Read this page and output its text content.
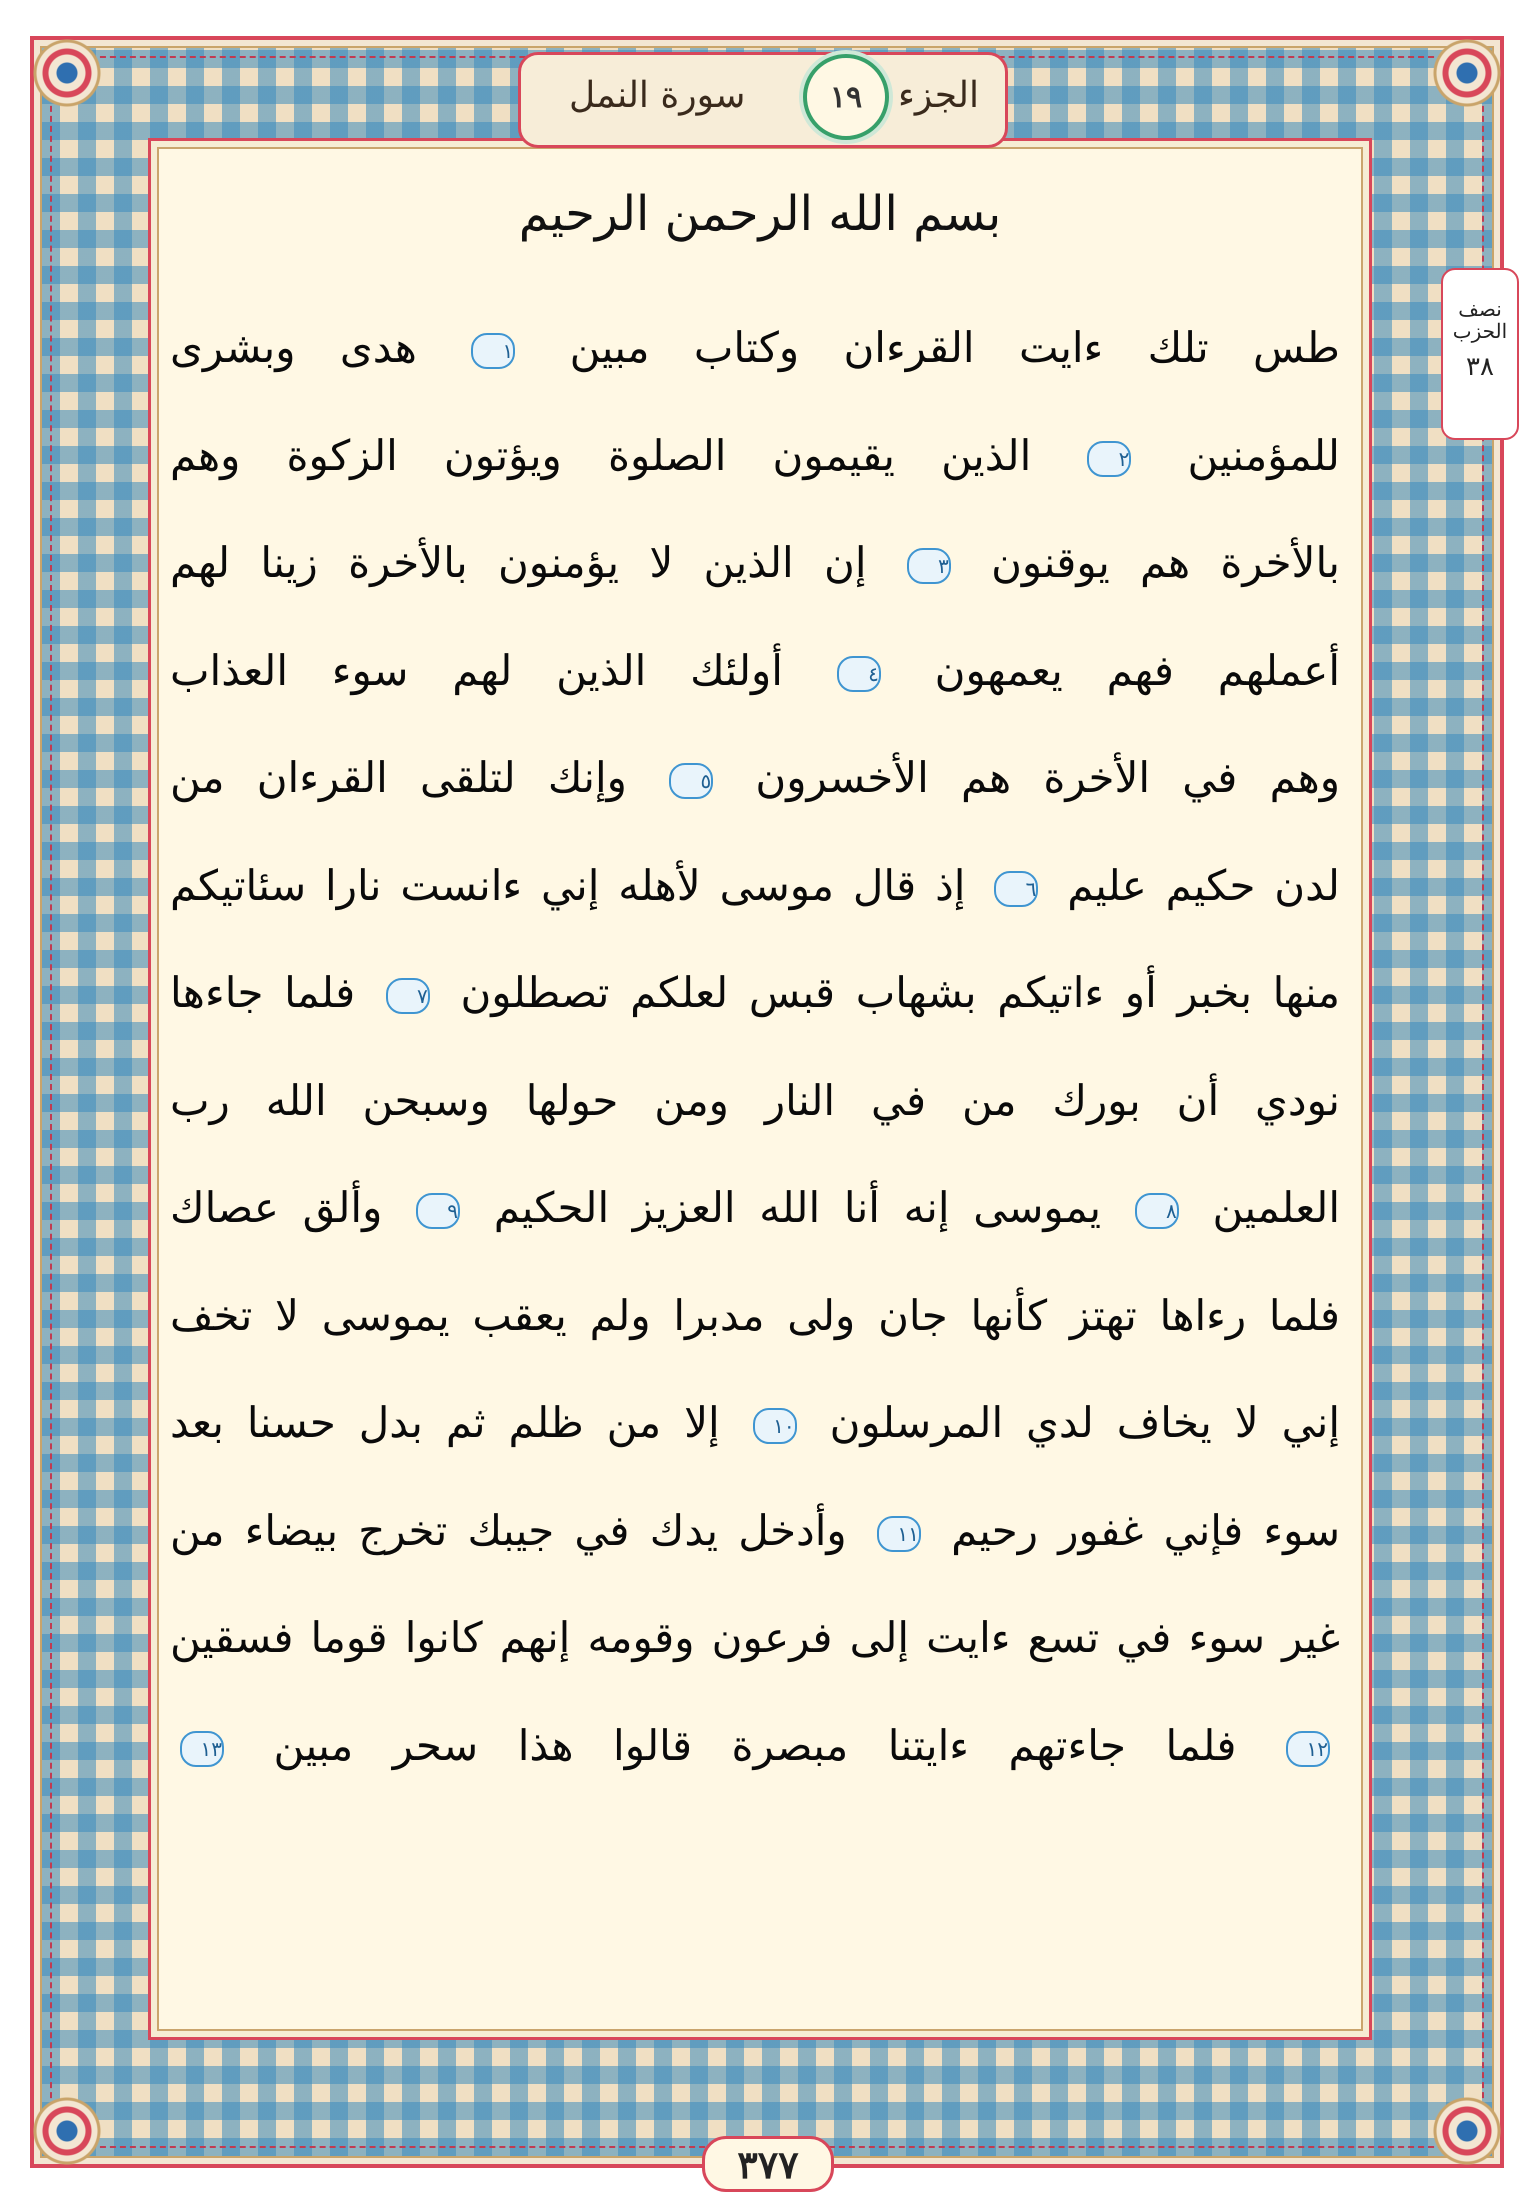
الجزء
سورة النمل	١٩
نصف الحزب
٣٨
بسم الله الرحمن الرحيم
طس تلك ءايت القرءان وكتاب مبين ١ هدى وبشرى
للمؤمنين ٢ الذين يقيمون الصلوة ويؤتون الزكوة وهم
بالأخرة هم يوقنون ٣ إن الذين لا يؤمنون بالأخرة زينا لهم
أعملهم فهم يعمهون ٤ أولئك الذين لهم سوء العذاب
وهم في الأخرة هم الأخسرون ٥ وإنك لتلقى القرءان من
لدن حكيم عليم ٦ إذ قال موسى لأهله إني ءانست نارا سئاتيكم
منها بخبر أو ءاتيكم بشهاب قبس لعلكم تصطلون ٧ فلما جاءها
نودي أن بورك من في النار ومن حولها وسبحن الله رب
العلمين ٨ يموسى إنه أنا الله العزيز الحكيم ٩ وألق عصاك
فلما رءاها تهتز كأنها جان ولى مدبرا ولم يعقب يموسى لا تخف
إني لا يخاف لدي المرسلون ١٠ إلا من ظلم ثم بدل حسنا بعد
سوء فإني غفور رحيم ١١ وأدخل يدك في جيبك تخرج بيضاء من
غير سوء في تسع ءايت إلى فرعون وقومه إنهم كانوا قوما فسقين
١٢ فلما جاءتهم ءايتنا مبصرة قالوا هذا سحر مبين ١٣
٣٧٧
